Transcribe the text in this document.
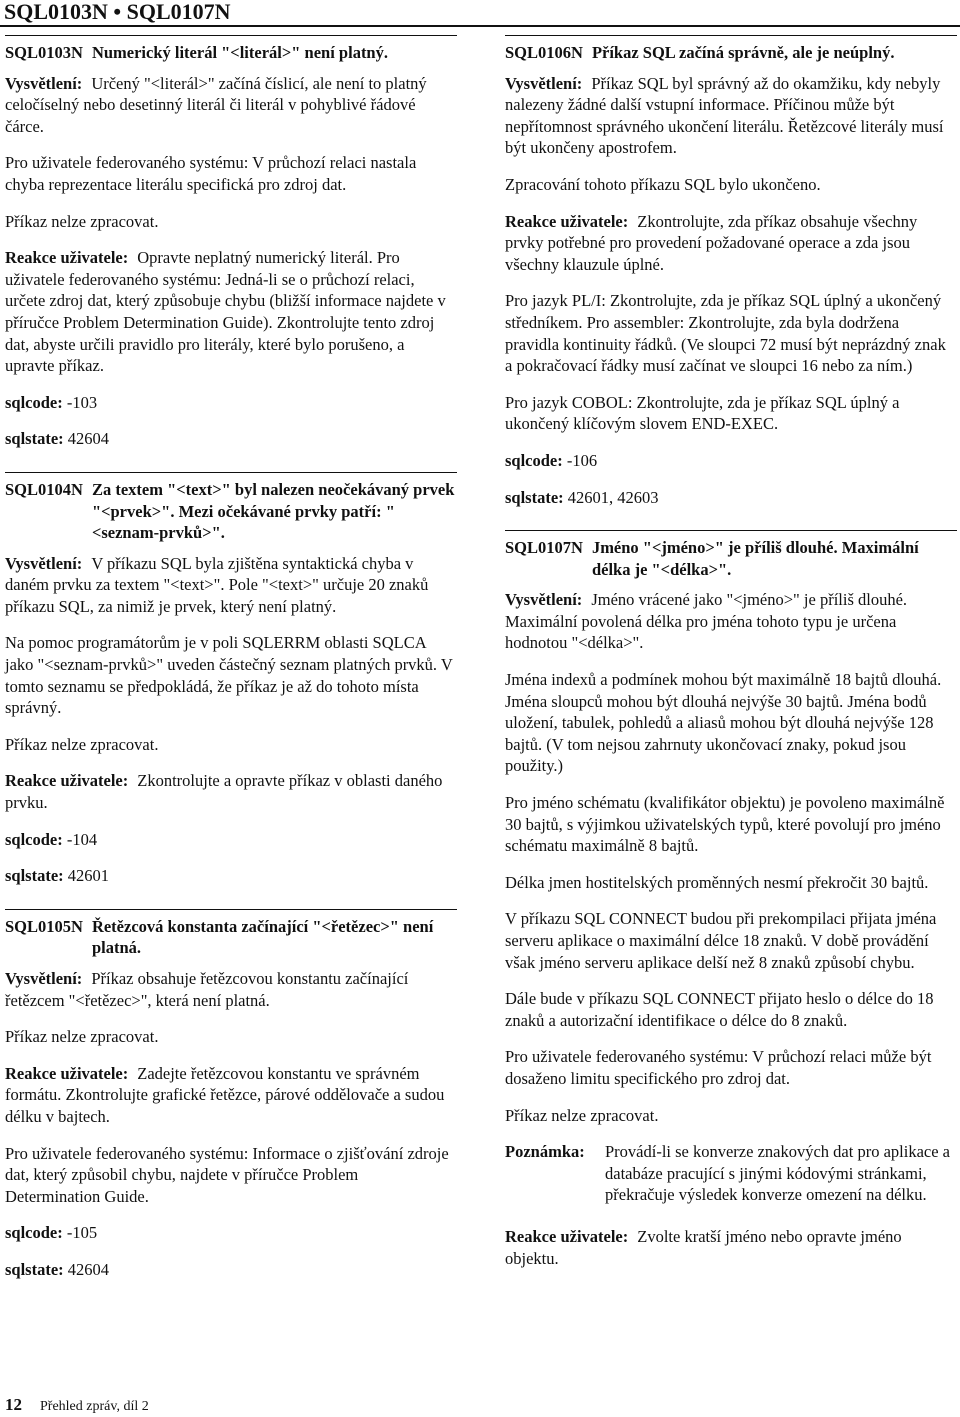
SQL0103N • SQL0107N
SQL0103N Numerický literál "<literál>" není platný.

Vysvětlení: Určený "<literál>" začíná číslicí, ale není to platný celočíselný nebo desetinný literál či literál v pohyblivé řádové čárce.

Pro uživatele federovaného systému: V průchozí relaci nastala chyba reprezentace literálu specifická pro zdroj dat.

Příkaz nelze zpracovat.

Reakce uživatele: Opravte neplatný numerický literál. Pro uživatele federovaného systému: Jedná-li se o průchozí relaci, určete zdroj dat, který způsobuje chybu (bližší informace najdete v příručce Problem Determination Guide). Zkontrolujte tento zdroj dat, abyste určili pravidlo pro literály, které bylo porušeno, a upravte příkaz.

sqlcode: -103

sqlstate: 42604

SQL0104N Za textem "<text>" byl nalezen neočekávaný prvek "<prvek>". Mezi očekávané prvky patří: "<seznam-prvků>".

Vysvětlení: V příkazu SQL byla zjištěna syntaktická chyba v daném prvku za textem "<text>". Pole "<text>" určuje 20 znaků příkazu SQL, za nimiž je prvek, který není platný.

Na pomoc programátorům je v poli SQLERRM oblasti SQLCA jako "<seznam-prvků>" uveden částečný seznam platných prvků. V tomto seznamu se předpokládá, že příkaz je až do tohoto místa správný.

Příkaz nelze zpracovat.

Reakce uživatele: Zkontrolujte a opravte příkaz v oblasti daného prvku.

sqlcode: -104

sqlstate: 42601

SQL0105N Řetězcová konstanta začínající "<řetězec>" není platná.

Vysvětlení: Příkaz obsahuje řetězcovou konstantu začínající řetězcem "<řetězec>", která není platná.

Příkaz nelze zpracovat.

Reakce uživatele: Zadejte řetězcovou konstantu ve správném formátu. Zkontrolujte grafické řetězce, párové oddělovače a sudou délku v bajtech.

Pro uživatele federovaného systému: Informace o zjišťování zdroje dat, který způsobil chybu, najdete v příručce Problem Determination Guide.

sqlcode: -105

sqlstate: 42604

SQL0106N Příkaz SQL začíná správně, ale je neúplný.

Vysvětlení: Příkaz SQL byl správný až do okamžiku, kdy nebyly nalezeny žádné další vstupní informace. Příčinou může být nepřítomnost správného ukončení literálu. Řetězcové literály musí být ukončeny apostrofem.

Zpracování tohoto příkazu SQL bylo ukončeno.

Reakce uživatele: Zkontrolujte, zda příkaz obsahuje všechny prvky potřebné pro provedení požadované operace a zda jsou všechny klauzule úplné.

Pro jazyk PL/I: Zkontrolujte, zda je příkaz SQL úplný a ukončený středníkem. Pro assembler: Zkontrolujte, zda byla dodržena pravidla kontinuity řádků. (Ve sloupci 72 musí být neprázdný znak a pokračovací řádky musí začínat ve sloupci 16 nebo za ním.)

Pro jazyk COBOL: Zkontrolujte, zda je příkaz SQL úplný a ukončený klíčovým slovem END-EXEC.

sqlcode: -106

sqlstate: 42601, 42603

SQL0107N Jméno "<jméno>" je příliš dlouhé. Maximální délka je "<délka>".

Vysvětlení: Jméno vrácené jako "<jméno>" je příliš dlouhé. Maximální povolená délka pro jména tohoto typu je určena hodnotou "<délka>".

Jména indexů a podmínek mohou být maximálně 18 bajtů dlouhá. Jména sloupců mohou být dlouhá nejvýše 30 bajtů. Jména bodů uložení, tabulek, pohledů a aliasů mohou být dlouhá nejvýše 128 bajtů. (V tom nejsou zahrnuty ukončovací znaky, pokud jsou použity.)

Pro jméno schématu (kvalifikátor objektu) je povoleno maximálně 30 bajtů, s výjimkou uživatelských typů, které povolují pro jméno schématu maximálně 8 bajtů.

Délka jmen hostitelských proměnných nesmí překročit 30 bajtů.

V příkazu SQL CONNECT budou při prekompilaci přijata jména serveru aplikace o maximální délce 18 znaků. V době provádění však jméno serveru aplikace delší než 8 znaků způsobí chybu.

Dále bude v příkazu SQL CONNECT přijato heslo o délce do 18 znaků a autorizační identifikace o délce do 8 znaků.

Pro uživatele federovaného systému: V průchozí relaci může být dosaženo limitu specifického pro zdroj dat.

Příkaz nelze zpracovat.

Poznámka:	Provádí-li se konverze znakových dat pro aplikace a databáze pracující s jinými kódovými stránkami, překračuje výsledek konverze omezení na délku.

Reakce uživatele: Zvolte kratší jméno nebo opravte jméno objektu.

12 Přehled zpráv, díl 2
